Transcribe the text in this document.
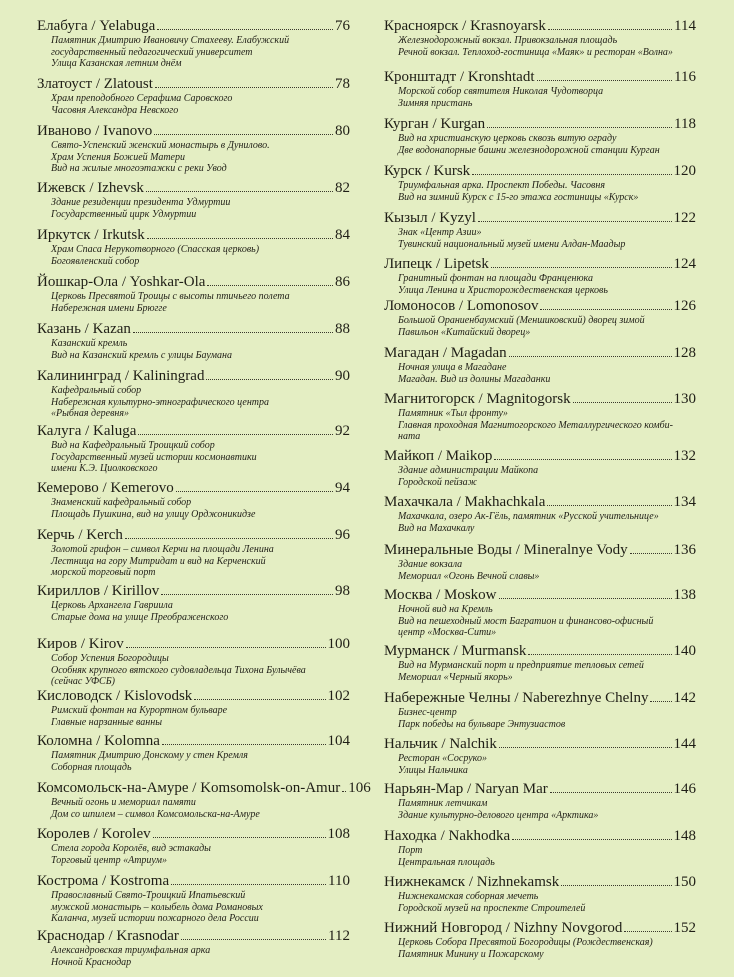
Елабуга / Yelabuga	76
Памятник Дмитрию Ивановичу Стахееву. Елабужский
государственный педагогический университет
Улица Казанская летним днём
Златоуст / Zlatoust	78
Храм преподобного Серафима Саровского
Часовня Александра Невского
Иваново / Ivanovo	80
Свято-Успенский женский монастырь в Дунилово.
Храм Успения Божией Матери
Вид на жилые многоэтажки с реки Увод
Ижевск / Izhevsk	82
Здание резиденции президента Удмуртии
Государственный цирк Удмуртии
Иркутск / Irkutsk	84
Храм Спаса Нерукотворного (Спасская церковь)
Богоявленский собор
Йошкар-Ола / Yoshkar-Ola	86
Церковь Пресвятой Троицы с высоты птичьего полета
Набережная имени Брюгге
Казань / Kazan	88
Казанский кремль
Вид на Казанский кремль с улицы Баумана
Калининград / Kaliningrad	90
Кафедральный собор
Набережная культурно-этнографического центра
«Рыбная деревня»
Калуга / Kaluga	92
Вид на Кафедральный Троицкий собор
Государственный музей истории космонавтики
имени К.Э. Циолковского
Кемерово / Kemerovo	94
Знаменский кафедральный собор
Площадь Пушкина, вид на улицу Орджоникидзе
Керчь / Kerch	96
Золотой грифон – символ Керчи на площади Ленина
Лестница на гору Митридат и вид на Керченский
морской торговый порт
Кириллов / Kirillov	98
Церковь Архангела Гавриила
Старые дома на улице Преображенского
Киров / Kirov	100
Собор Успения Богородицы
Особняк крупного вятского судовладельца Тихона Булычёва
(сейчас УФСБ)
Кисловодск / Kislovodsk	102
Римский фонтан на Курортном бульваре
Главные нарзанные ванны
Коломна / Kolomna	104
Памятник Дмитрию Донскому у стен Кремля
Соборная площадь
Комсомольск-на-Амуре / Komsomolsk-on-Amur 106
Вечный огонь и мемориал памяти
Дом со шпилем – символ Комсомольска-на-Амуре
Королев / Korolev	108
Стела города Королёв, вид эстакады
Торговый центр «Атриум»
Кострома / Kostroma	110
Православный Свято-Троицкий Ипатьевский
мужской монастырь – колыбель дома Романовых
Каланча, музей истории пожарного дела России
Краснодар / Krasnodar	112
Александровская триумфальная арка
Ночной Краснодар
Красноярск / Krasnoyarsk	114
Железнодорожный вокзал. Привокзальная площадь
Речной вокзал. Теплоход-гостиница «Маяк» и ресторан «Волна»
Кронштадт / Kronshtadt	116
Морской собор святителя Николая Чудотворца
Зимняя пристань
Курган / Kurgan	118
Вид на христианскую церковь сквозь витую ограду
Две водонапорные башни железнодорожной станции Курган
Курск / Kursk	120
Триумфальная арка. Проспект Победы. Часовня
Вид на зимний Курск с 15-го этажа гостиницы «Курск»
Кызыл / Kyzyl	122
Знак «Центр Азии»
Тувинский национальный музей имени Алдан-Маадыр
Липецк / Lipetsk	124
Гранитный фонтан на площади Франценюка
Улица Ленина и Христорождественская церковь
Ломоносов / Lomonosov	126
Большой Ораниенбаумский (Меншиковский) дворец зимой
Павильон «Китайский дворец»
Магадан / Magadan	128
Ночная улица в Магадане
Магадан. Вид из долины Магаданки
Магнитогорск / Magnitogorsk	130
Памятник «Тыл фронту»
Главная проходная Магнитогорского Металлургического комби-
ната
Майкоп / Maikop	132
Здание администрации Майкопа
Городской пейзаж
Махачкала / Makhachkala	134
Махачкала, озеро Ак-Гёль, памятник «Русской учительнице»
Вид на Махачкалу
Минеральные Воды / Mineralnye Vody	136
Здание вокзала
Мемориал «Огонь Вечной славы»
Москва / Moskow	138
Ночной вид на Кремль
Вид на пешеходный мост Багратион и финансово-офисный
центр «Москва-Сити»
Мурманск / Murmansk	140
Вид на Мурманский порт и предприятие тепловых сетей
Мемориал «Черный якорь»
Набережные Челны / Naberezhnye Chelny 142
Бизнес-центр
Парк победы на бульваре Энтузиастов
Нальчик / Nalchik	144
Ресторан «Сосруко»
Улицы Нальчика
Нарьян-Мар / Naryan Mar	146
Памятник летчикам
Здание культурно-делового центра «Арктика»
Находка / Nakhodka	148
Порт
Центральная площадь
Нижнекамск / Nizhnekamsk	150
Нижнекамская соборная мечеть
Городской музей на проспекте Строителей
Нижний Новгород / Nizhny Novgorod	152
Церковь Собора Пресвятой Богородицы (Рождественская)
Памятник Минину и Пожарскому
